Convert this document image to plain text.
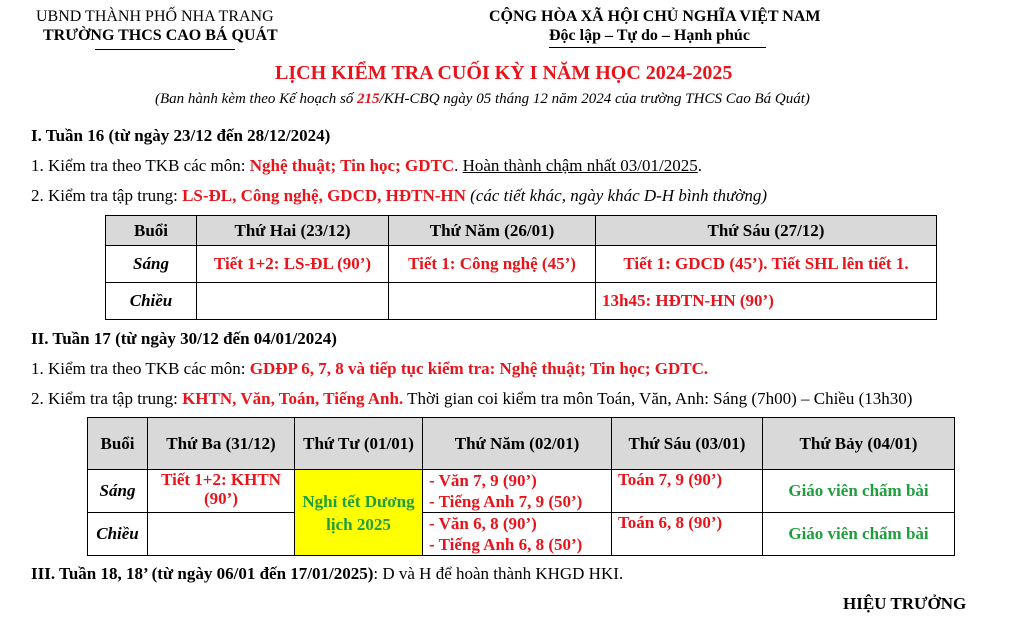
UBND THÀNH PHỐ NHA TRANG
TRƯỜNG THCS CAO BÁ QUÁT
CỘNG HÒA XÃ HỘI CHỦ NGHĨA VIỆT NAM
Độc lập – Tự do – Hạnh phúc
LỊCH KIỂM TRA CUỐI KỲ I NĂM HỌC 2024-2025
(Ban hành kèm theo Kế hoạch số 215/KH-CBQ ngày 05 tháng 12 năm 2024 của trường THCS Cao Bá Quát)
I. Tuần 16 (từ ngày 23/12 đến 28/12/2024)
1. Kiểm tra theo TKB các môn: Nghệ thuật; Tin học; GDTC. Hoàn thành chậm nhất 03/01/2025.
2. Kiểm tra tập trung: LS-ĐL, Công nghệ, GDCD, HĐTN-HN (các tiết khác, ngày khác D-H bình thường)
Buổi	Thứ Hai (23/12)	Thứ Năm (26/01)	Thứ Sáu (27/12)
Sáng	Tiết 1+2: LS-ĐL (90’)	Tiết 1: Công nghệ (45’)	Tiết 1: GDCD (45’). Tiết SHL lên tiết 1.
Chiều			13h45: HĐTN-HN (90’)
II. Tuần 17 (từ ngày 30/12 đến 04/01/2024)
1. Kiểm tra theo TKB các môn: GDĐP 6, 7, 8 và tiếp tục kiểm tra: Nghệ thuật; Tin học; GDTC.
2. Kiểm tra tập trung: KHTN, Văn, Toán, Tiếng Anh. Thời gian coi kiểm tra môn Toán, Văn, Anh: Sáng (7h00) – Chiều (13h30)
Buổi	Thứ Ba (31/12)	Thứ Tư (01/01)	Thứ Năm (02/01)	Thứ Sáu (03/01)	Thứ Bảy (04/01)
Sáng	Tiết 1+2: KHTN (90’)	Nghỉ tết Dương lịch 2025	- Văn 7, 9 (90’)
- Tiếng Anh 7, 9 (50’)	Toán 7, 9 (90’)	Giáo viên chấm bài
Chiều			- Văn 6, 8 (90’)
- Tiếng Anh 6, 8 (50’)	Toán 6, 8 (90’)	Giáo viên chấm bài
III. Tuần 18, 18’ (từ ngày 06/01 đến 17/01/2025): D và H để hoàn thành KHGD HKI.
HIỆU TRƯỞNG
